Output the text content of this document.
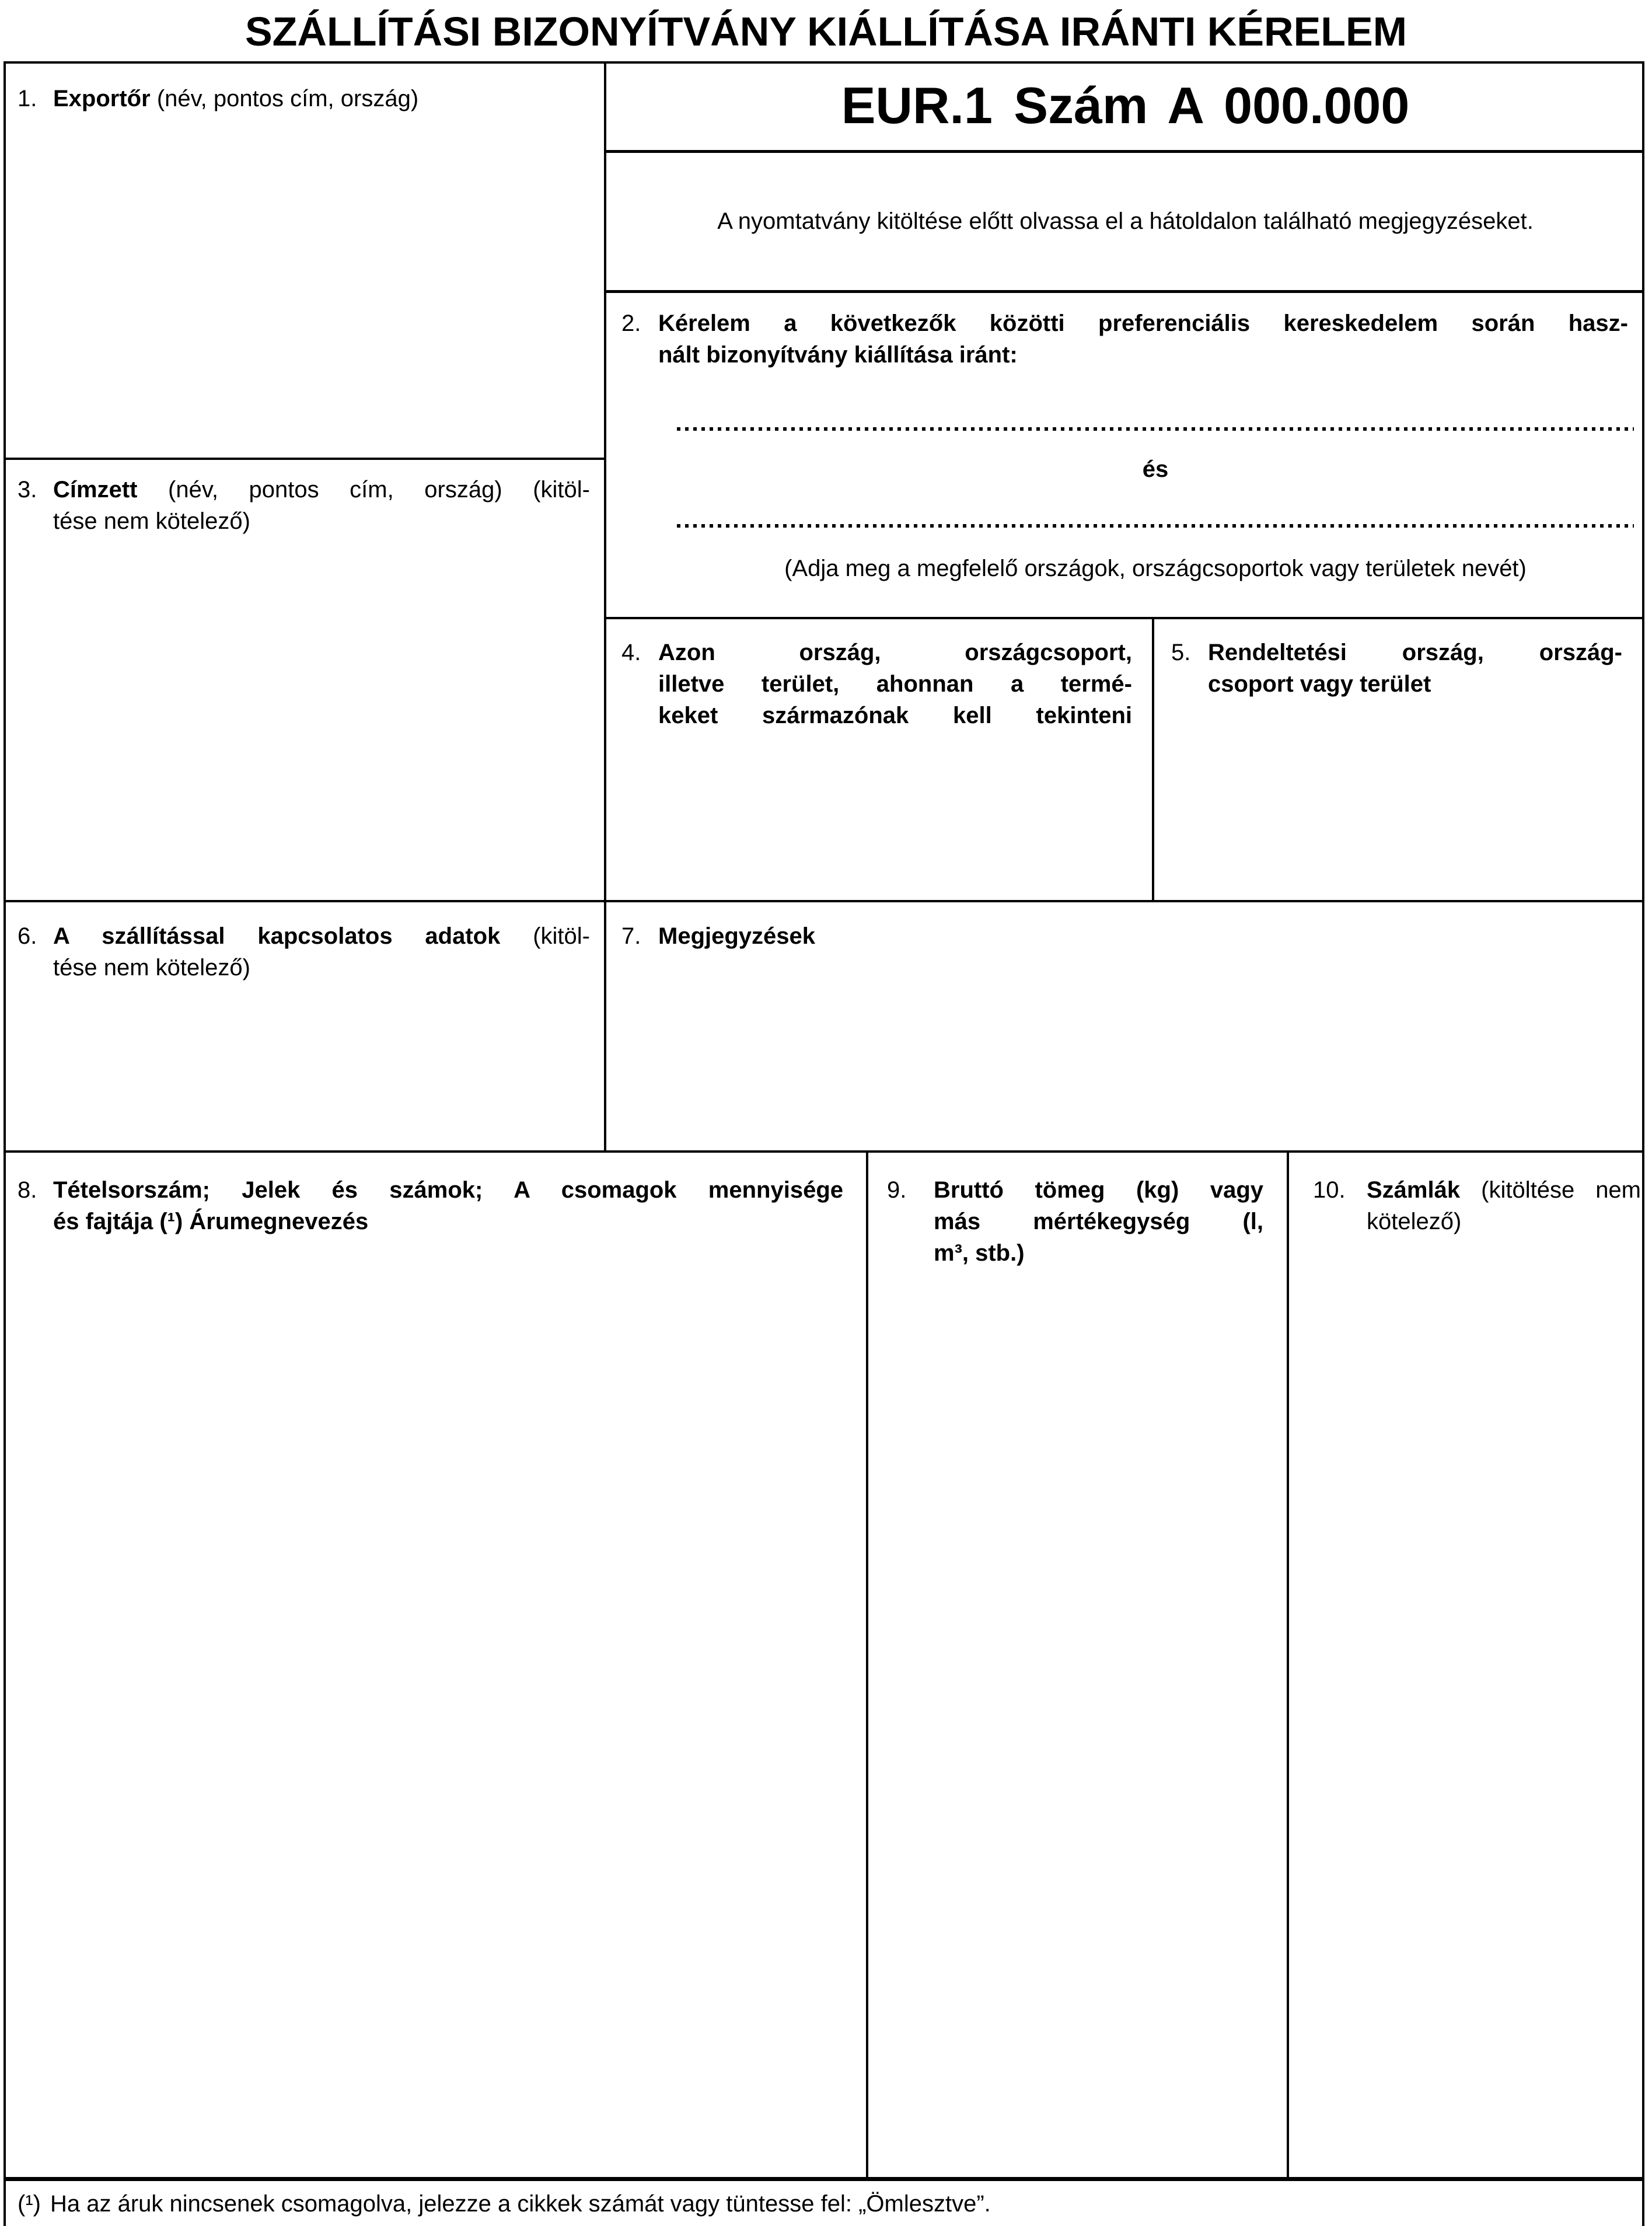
SZÁLLÍTÁSI BIZONYÍTVÁNY KIÁLLÍTÁSA IRÁNTI KÉRELEM
1. Exportőr (név, pontos cím, ország)	EUR.1 Szám A 000.000
A nyomtatvány kitöltése előtt olvassa el a hátoldalon található megjegyzéseket.
2. Kérelem a következők közötti preferenciális kereskedelem során hasz-
nált bizonyítvány kiállítása iránt:
és
(Adja meg a megfelelő országok, országcsoportok vagy területek nevét)
3. Címzett (név, pontos cím, ország) (kitöl-
tése nem kötelező)
4. Azon ország, országcsoport,
illetve terület, ahonnan a termé-
keket származónak kell tekinteni
5. Rendeltetési ország, ország-
csoport vagy terület
6. A szállítással kapcsolatos adatok (kitöl-
tése nem kötelező)
7. Megjegyzések
8. Tételsorszám; Jelek és számok; A csomagok mennyisége
és fajtája (¹) Árumegnevezés
9. Bruttó tömeg (kg) vagy
más mértékegység (l,
m³, stb.)
10. Számlák (kitöltése nem
kötelező)
(¹) Ha az áruk nincsenek csomagolva, jelezze a cikkek számát vagy tüntesse fel: „Ömlesztve”.
